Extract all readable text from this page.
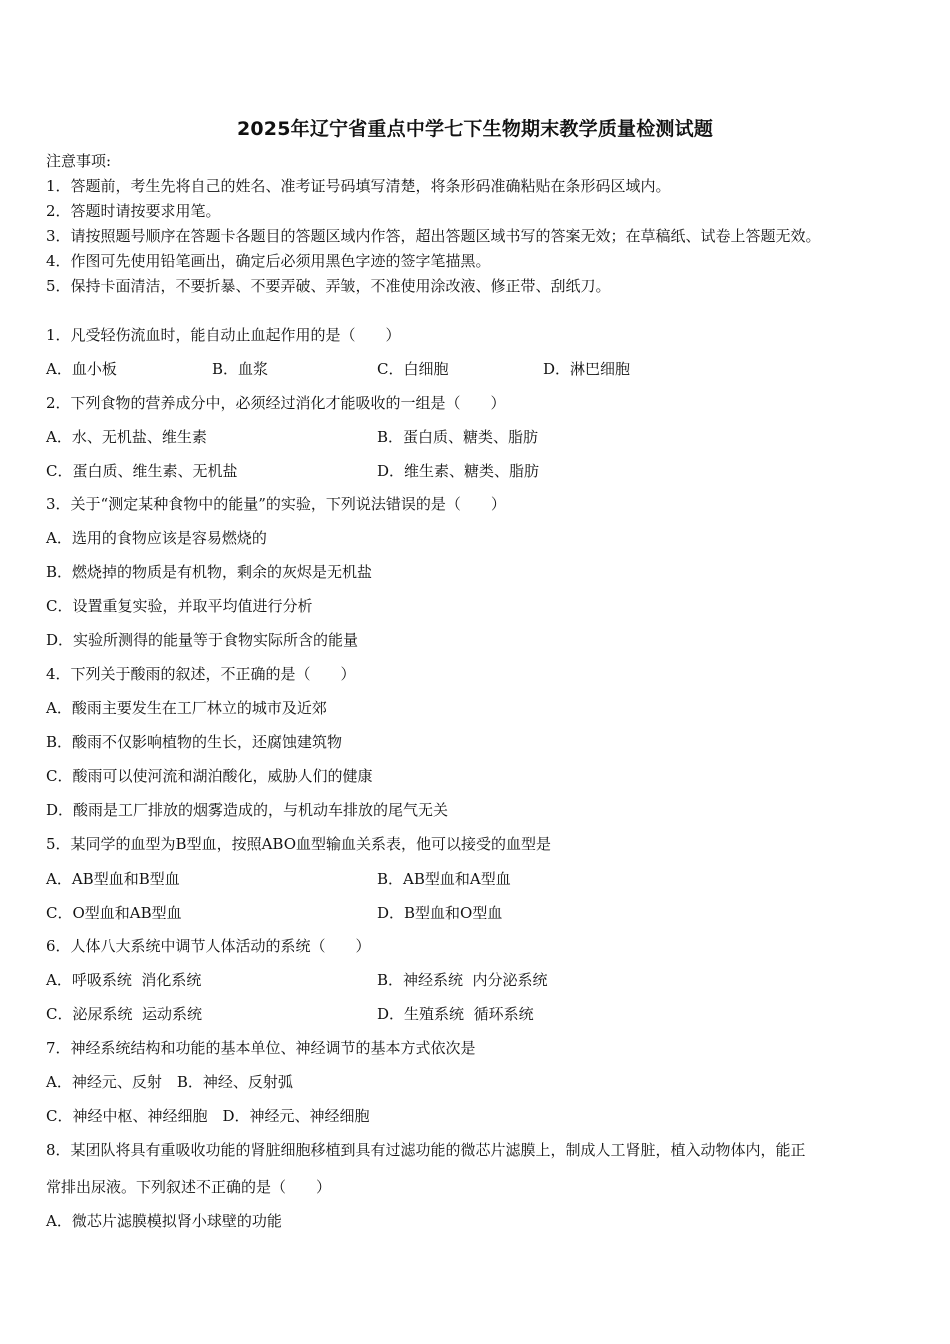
2025年辽宁省重点中学七下生物期末教学质量检测试题
注意事项:
1．答题前，考生先将自己的姓名、准考证号码填写清楚，将条形码准确粘贴在条形码区域内。
2．答题时请按要求用笔。
3．请按照题号顺序在答题卡各题目的答题区域内作答，超出答题区域书写的答案无效；在草稿纸、试卷上答题无效。
4．作图可先使用铅笔画出，确定后必须用黑色字迹的签字笔描黑。
5．保持卡面清洁，不要折暴、不要弄破、弄皱，不准使用涂改液、修正带、刮纸刀。
1．凡受轻伤流血时，能自动止血起作用的是（　　）
A．血小板	B．血浆	C．白细胞	D．淋巴细胞
2．下列食物的营养成分中，必须经过消化才能吸收的一组是（　　）
A．水、无机盐、维生素	B．蛋白质、糖类、脂肪
C．蛋白质、维生素、无机盐	D．维生素、糖类、脂肪
3．关于“测定某种食物中的能量”的实验，下列说法错误的是（　　）
A．选用的食物应该是容易燃烧的
B．燃烧掉的物质是有机物，剩余的灰烬是无机盐
C．设置重复实验，并取平均值进行分析
D．实验所测得的能量等于食物实际所含的能量
4．下列关于酸雨的叙述，不正确的是（　　）
A．酸雨主要发生在工厂林立的城市及近郊
B．酸雨不仅影响植物的生长，还腐蚀建筑物
C．酸雨可以使河流和湖泊酸化，威胁人们的健康
D．酸雨是工厂排放的烟雾造成的，与机动车排放的尾气无关
5．某同学的血型为B型血，按照ABO血型输血关系表，他可以接受的血型是
A．AB型血和B型血	B．AB型血和A型血
C．O型血和AB型血	D．B型血和O型血
6．人体八大系统中调节人体活动的系统（　　）
A．呼吸系统  消化系统	B．神经系统  内分泌系统
C．泌尿系统  运动系统	D．生殖系统  循环系统
7．神经系统结构和功能的基本单位、神经调节的基本方式依次是
A．神经元、反射　B．神经、反射弧
C．神经中枢、神经细胞　D．神经元、神经细胞
8．某团队将具有重吸收功能的肾脏细胞移植到具有过滤功能的微芯片滤膜上，制成人工肾脏，植入动物体内，能正
常排出尿液。下列叙述不正确的是（　　）
A．微芯片滤膜模拟肾小球壁的功能
